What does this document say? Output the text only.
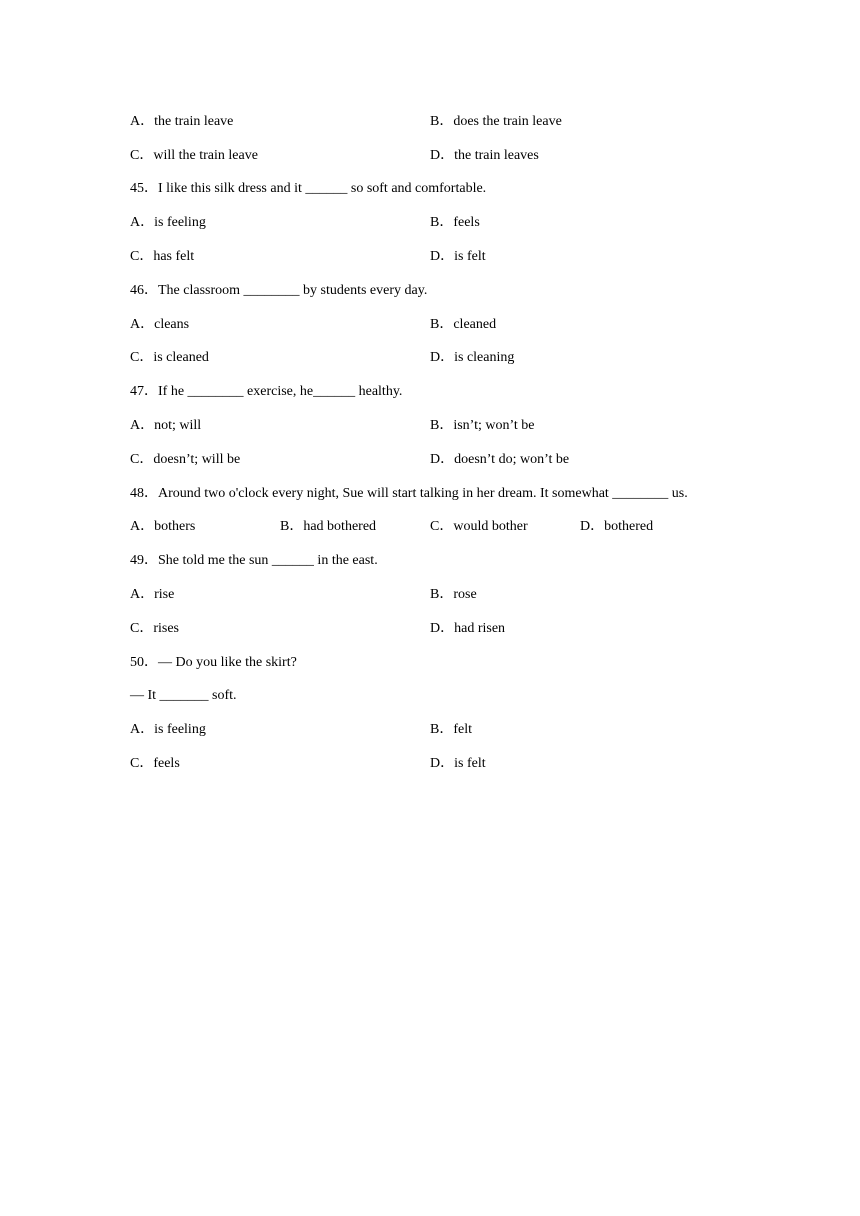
A．the train leave	B．does the train leave
C．will the train leave	D．the train leaves
45．I like this silk dress and it ______ so soft and comfortable.
A．is feeling	B．feels
C．has felt	D．is felt
46．The classroom ________ by students every day.
A．cleans	B．cleaned
C．is cleaned	D．is cleaning
47．If he ________ exercise, he______ healthy.
A．not; will	B．isn’t; won’t be
C．doesn’t; will be	D．doesn’t do; won’t be
48．Around two o'clock every night, Sue will start talking in her dream. It somewhat ________ us.
A．bothers	B．had bothered	C．would bother	D．bothered
49．She told me the sun ______ in the east.
A．rise	B．rose
C．rises	D．had risen
50．— Do you like the skirt?
— It _______ soft.
A．is feeling	B．felt
C．feels	D．is felt
